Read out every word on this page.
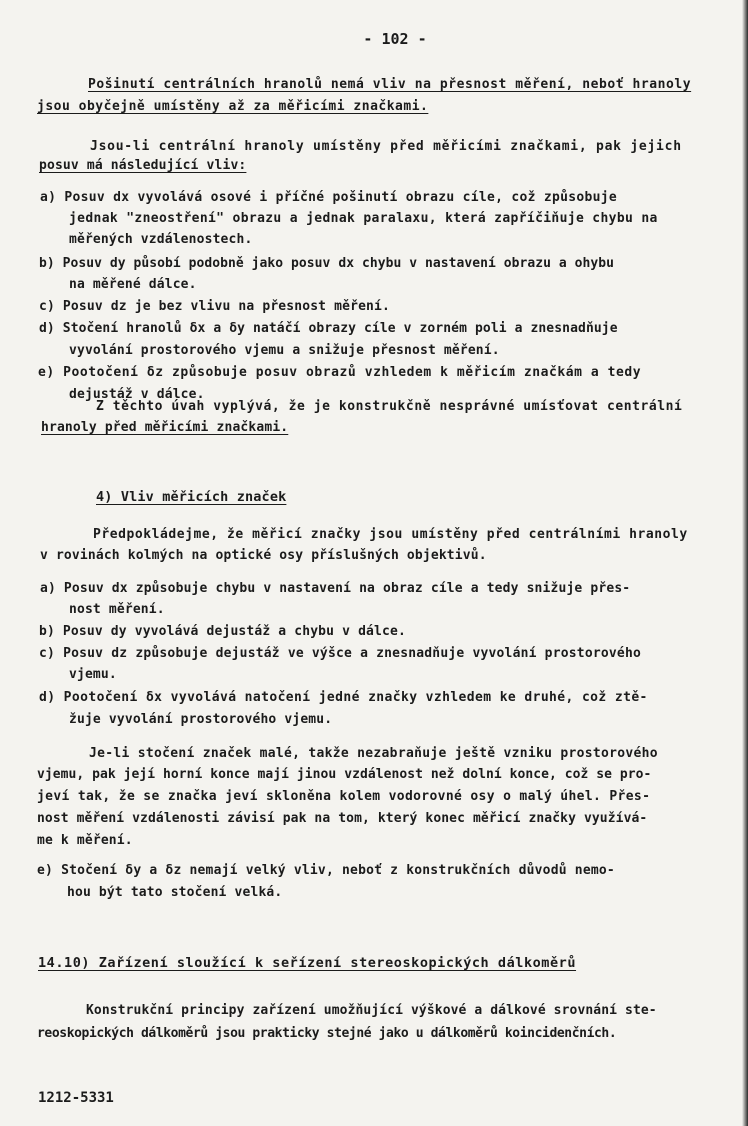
- 102 -
Pošinutí centrálních hranolů nemá vliv na přesnost měření, neboť hranoly
jsou obyčejně umístěny až za měřicími značkami.
Jsou-li centrální hranoly umístěny před měřicími značkami, pak jejich
posuv má následující vliv:
a) Posuv dx vyvolává osové i příčné pošinutí obrazu cíle, což způsobuje
jednak "zneostření" obrazu a jednak paralaxu, která zapříčiňuje chybu na
měřených vzdálenostech.
b) Posuv dy působí podobně jako posuv dx chybu v nastavení obrazu a ohybu
na měřené dálce.
c) Posuv dz je bez vlivu na přesnost měření.
d) Stočení hranolů δx a δy natáčí obrazy cíle v zorném poli a znesnadňuje
vyvolání prostorového vjemu a snižuje přesnost měření.
e) Pootočení δz způsobuje posuv obrazů vzhledem k měřicím značkám a tedy
dejustáž v dálce.
Z těchto úvah vyplývá, že je konstrukčně nesprávné umísťovat centrální
hranoly před měřicími značkami.
4) Vliv měřicích značek
Předpokládejme, že měřicí značky jsou umístěny před centrálními hranoly
v rovinách kolmých na optické osy příslušných objektivů.
a) Posuv dx způsobuje chybu v nastavení na obraz cíle a tedy snižuje přes-
nost měření.
b) Posuv dy vyvolává dejustáž a chybu v dálce.
c) Posuv dz způsobuje dejustáž ve výšce a znesnadňuje vyvolání prostorového
vjemu.
d) Pootočení δx vyvolává natočení jedné značky vzhledem ke druhé, což ztě-
žuje vyvolání prostorového vjemu.
Je-li stočení značek malé, takže nezabraňuje ještě vzniku prostorového
vjemu, pak její horní konce mají jinou vzdálenost než dolní konce, což se pro-
jeví tak, že se značka jeví skloněna kolem vodorovné osy o malý úhel. Přes-
nost měření vzdálenosti závisí pak na tom, který konec měřicí značky využívá-
me k měření.
e) Stočení δy a δz nemají velký vliv, neboť z konstrukčních důvodů nemo-
hou být tato stočení velká.
14.10) Zařízení sloužící k seřízení stereoskopických dálkoměrů
Konstrukční principy zařízení umožňující výškové a dálkové srovnání ste-
reoskopických dálkoměrů jsou prakticky stejné jako u dálkoměrů koincidenčních.
1212-5331
